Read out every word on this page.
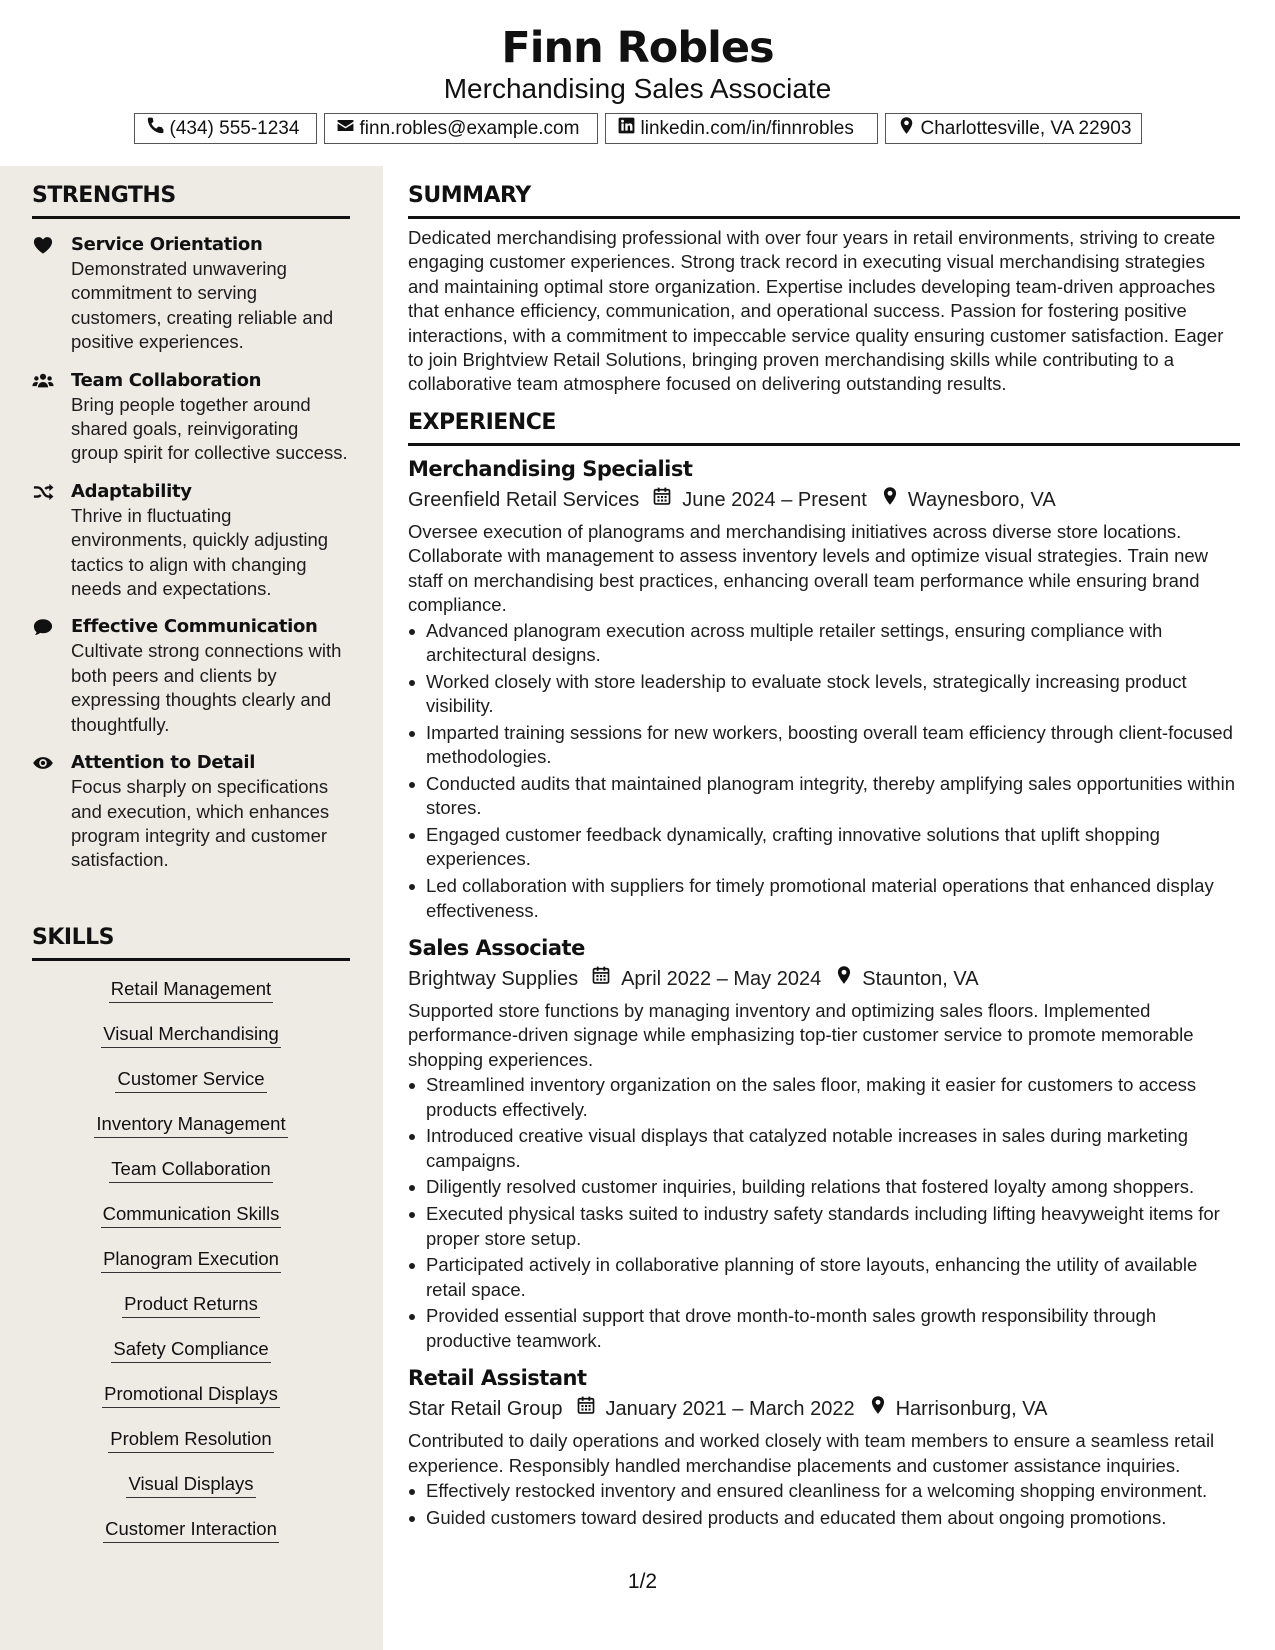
Finn Robles
Merchandising Sales Associate
(434) 555-1234	finn.robles@example.com	linkedin.com/in/finnrobles	Charlottesville, VA 22903
STRENGTHS
Service Orientation
Demonstrated unwavering commitment to serving customers, creating reliable and positive experiences.
Team Collaboration
Bring people together around shared goals, reinvigorating group spirit for collective success.
Adaptability
Thrive in fluctuating environments, quickly adjusting tactics to align with changing needs and expectations.
Effective Communication
Cultivate strong connections with both peers and clients by expressing thoughts clearly and thoughtfully.
Attention to Detail
Focus sharply on specifications and execution, which enhances program integrity and customer satisfaction.
SKILLS
Retail Management
Visual Merchandising
Customer Service
Inventory Management
Team Collaboration
Communication Skills
Planogram Execution
Product Returns
Safety Compliance
Promotional Displays
Problem Resolution
Visual Displays
Customer Interaction
SUMMARY
Dedicated merchandising professional with over four years in retail environments, striving to create engaging customer experiences. Strong track record in executing visual merchandising strategies and maintaining optimal store organization. Expertise includes developing team-driven approaches that enhance efficiency, communication, and operational success. Passion for fostering positive interactions, with a commitment to impeccable service quality ensuring customer satisfaction. Eager to join Brightview Retail Solutions, bringing proven merchandising skills while contributing to a collaborative team atmosphere focused on delivering outstanding results.
EXPERIENCE
Merchandising Specialist
Greenfield Retail Services June 2024 – Present Waynesboro, VA
Oversee execution of planograms and merchandising initiatives across diverse store locations. Collaborate with management to assess inventory levels and optimize visual strategies. Train new staff on merchandising best practices, enhancing overall team performance while ensuring brand compliance.
Advanced planogram execution across multiple retailer settings, ensuring compliance with architectural designs.
Worked closely with store leadership to evaluate stock levels, strategically increasing product visibility.
Imparted training sessions for new workers, boosting overall team efficiency through client-focused methodologies.
Conducted audits that maintained planogram integrity, thereby amplifying sales opportunities within stores.
Engaged customer feedback dynamically, crafting innovative solutions that uplift shopping experiences.
Led collaboration with suppliers for timely promotional material operations that enhanced display effectiveness.
Sales Associate
Brightway Supplies April 2022 – May 2024 Staunton, VA
Supported store functions by managing inventory and optimizing sales floors. Implemented performance-driven signage while emphasizing top-tier customer service to promote memorable shopping experiences.
Streamlined inventory organization on the sales floor, making it easier for customers to access products effectively.
Introduced creative visual displays that catalyzed notable increases in sales during marketing campaigns.
Diligently resolved customer inquiries, building relations that fostered loyalty among shoppers.
Executed physical tasks suited to industry safety standards including lifting heavyweight items for proper store setup.
Participated actively in collaborative planning of store layouts, enhancing the utility of available retail space.
Provided essential support that drove month-to-month sales growth responsibility through productive teamwork.
Retail Assistant
Star Retail Group January 2021 – March 2022 Harrisonburg, VA
Contributed to daily operations and worked closely with team members to ensure a seamless retail experience. Responsibly handled merchandise placements and customer assistance inquiries.
Effectively restocked inventory and ensured cleanliness for a welcoming shopping environment.
Guided customers toward desired products and educated them about ongoing promotions.
1/2
